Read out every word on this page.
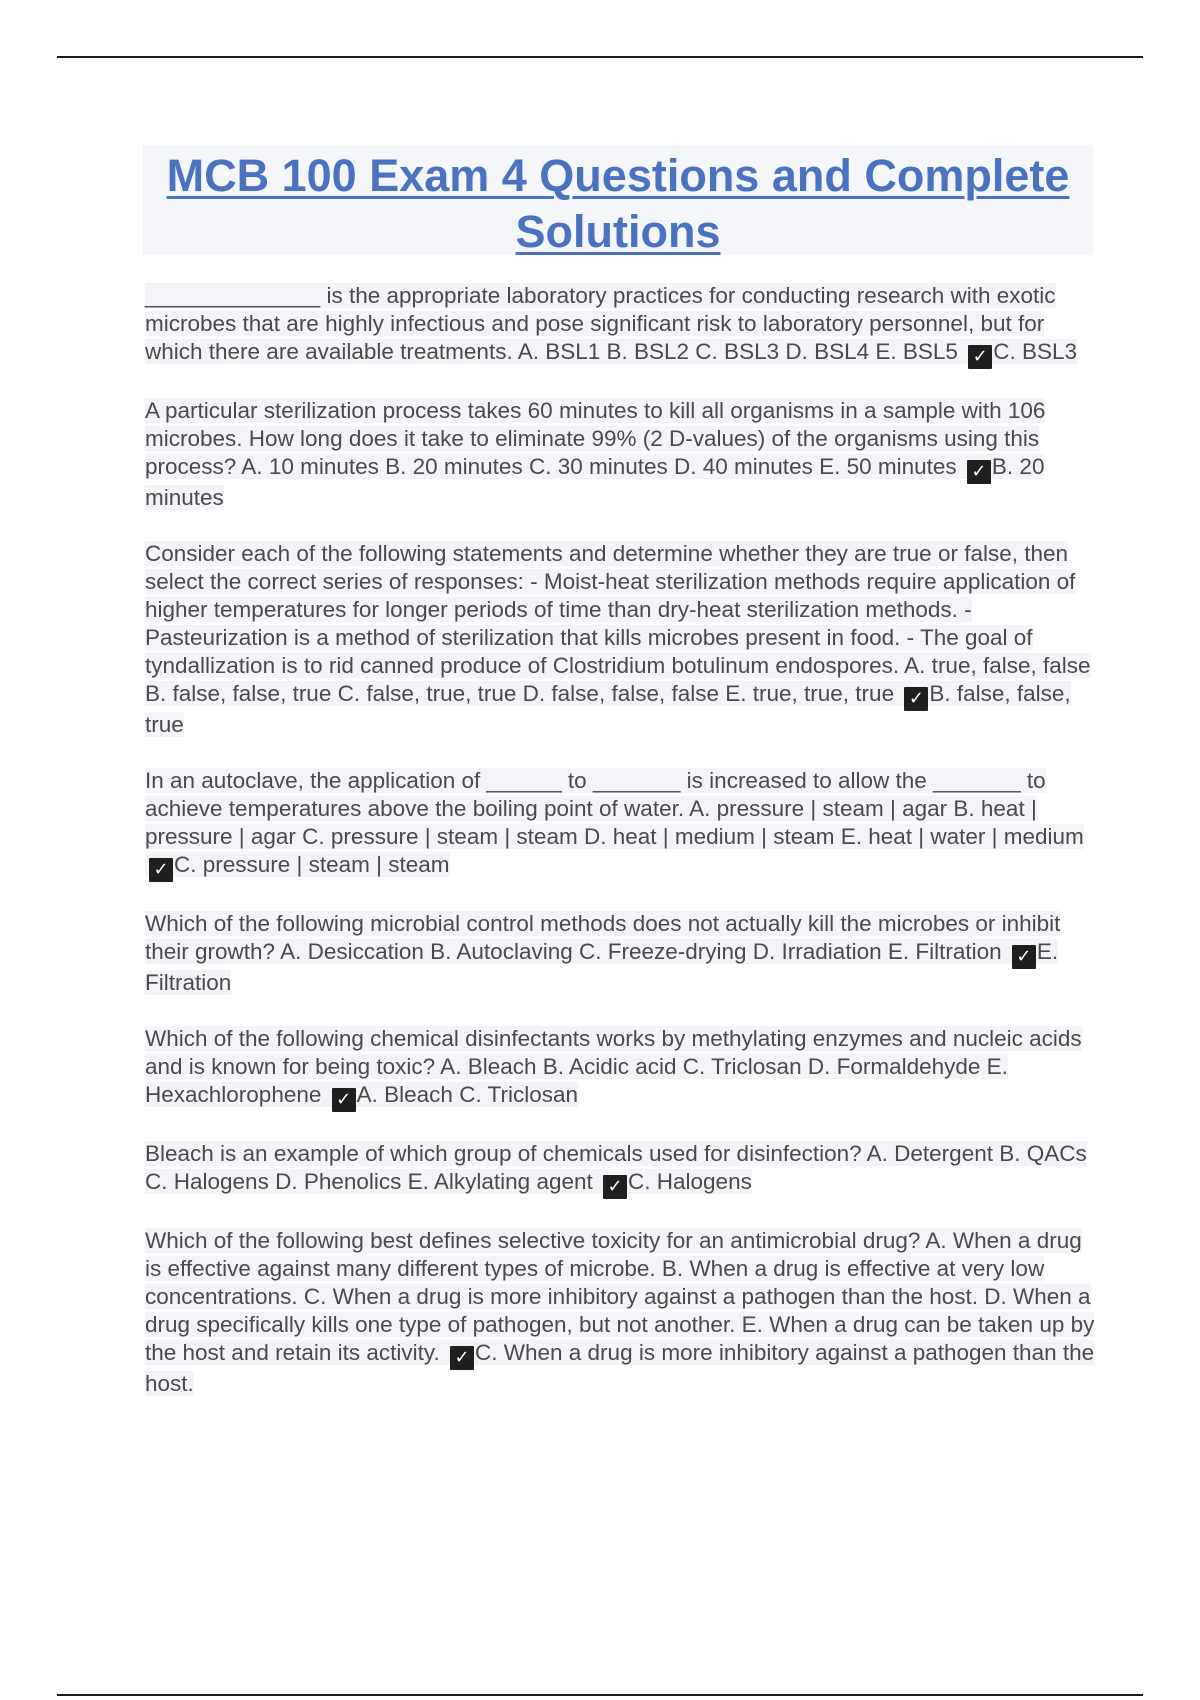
MCB 100 Exam 4 Questions and Complete Solutions

______________ is the appropriate laboratory practices for conducting research with exotic microbes that are highly infectious and pose significant risk to laboratory personnel, but for which there are available treatments. A. BSL1 B. BSL2 C. BSL3 D. BSL4 E. BSL5 ✓ C. BSL3

A particular sterilization process takes 60 minutes to kill all organisms in a sample with 106 microbes. How long does it take to eliminate 99% (2 D-values) of the organisms using this process? A. 10 minutes B. 20 minutes C. 30 minutes D. 40 minutes E. 50 minutes ✓ B. 20 minutes

Consider each of the following statements and determine whether they are true or false, then select the correct series of responses: - Moist-heat sterilization methods require application of higher temperatures for longer periods of time than dry-heat sterilization methods. - Pasteurization is a method of sterilization that kills microbes present in food. - The goal of tyndallization is to rid canned produce of Clostridium botulinum endospores. A. true, false, false B. false, false, true C. false, true, true D. false, false, false E. true, true, true ✓ B. false, false, true

In an autoclave, the application of ______ to _______ is increased to allow the _______ to achieve temperatures above the boiling point of water. A. pressure | steam | agar B. heat | pressure | agar C. pressure | steam | steam D. heat | medium | steam E. heat | water | medium ✓ C. pressure | steam | steam

Which of the following microbial control methods does not actually kill the microbes or inhibit their growth? A. Desiccation B. Autoclaving C. Freeze-drying D. Irradiation E. Filtration ✓ E. Filtration

Which of the following chemical disinfectants works by methylating enzymes and nucleic acids and is known for being toxic? A. Bleach B. Acidic acid C. Triclosan D. Formaldehyde E. Hexachlorophene ✓ A. Bleach C. Triclosan

Bleach is an example of which group of chemicals used for disinfection? A. Detergent B. QACs C. Halogens D. Phenolics E. Alkylating agent ✓ C. Halogens

Which of the following best defines selective toxicity for an antimicrobial drug? A. When a drug is effective against many different types of microbe. B. When a drug is effective at very low concentrations. C. When a drug is more inhibitory against a pathogen than the host. D. When a drug specifically kills one type of pathogen, but not another. E. When a drug can be taken up by the host and retain its activity. ✓ C. When a drug is more inhibitory against a pathogen than the host.
